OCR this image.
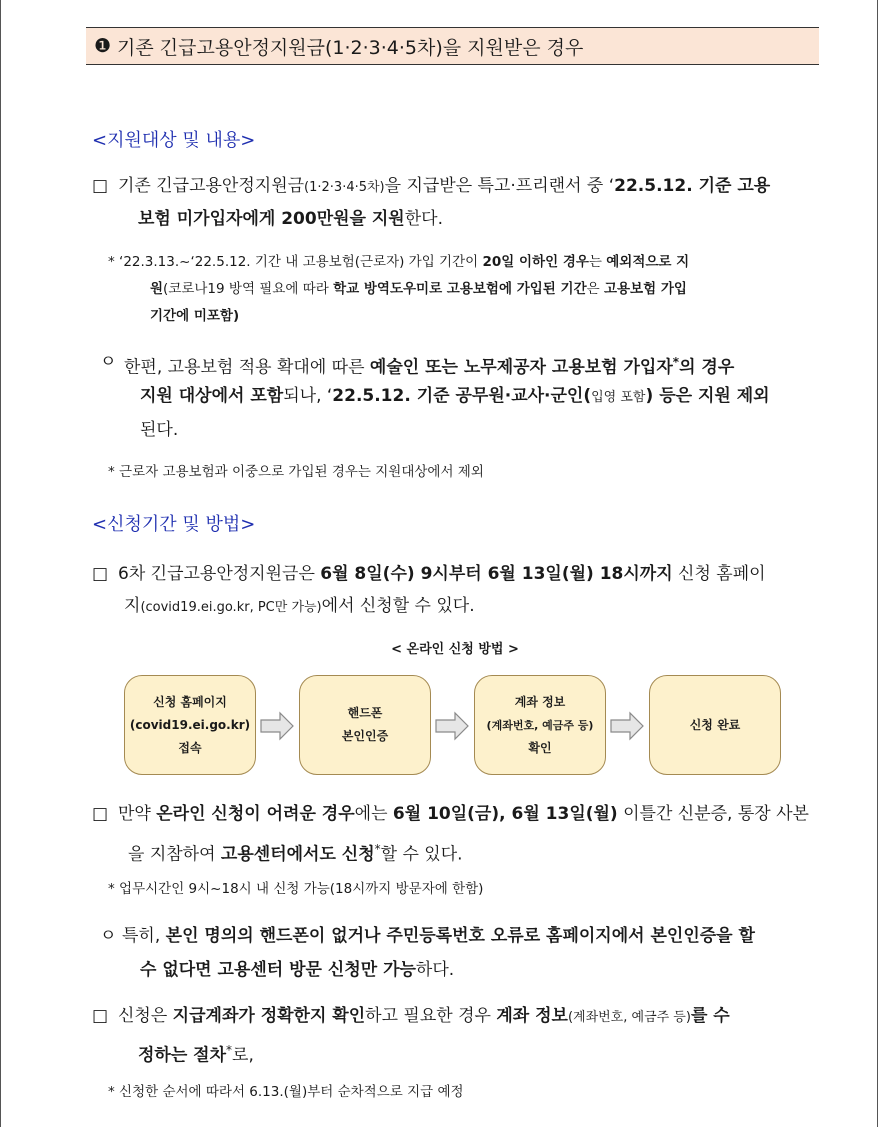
❶ 기존 긴급고용안정지원금(1·2·3·4·5차)을 지원받은 경우
<지원대상 및 내용>
□ 기존 긴급고용안정지원금(1·2·3·4·5차)을 지급받은 특고·프리랜서 중 ‘22.5.12. 기준 고용
보험 미가입자에게 200만원을 지원한다.
* ‘22.3.13.~‘22.5.12. 기간 내 고용보험(근로자) 가입 기간이 20일 이하인 경우는 예외적으로 지
원(코로나19 방역 필요에 따라 학교 방역도우미로 고용보험에 가입된 기간은 고용보험 가입
기간에 미포함)
ㅇ 한편, 고용보험 적용 확대에 따른 예술인 또는 노무제공자 고용보험 가입자*의 경우
지원 대상에서 포함되나, ‘22.5.12. 기준 공무원·교사·군인(입영 포함) 등은 지원 제외
된다.
* 근로자 고용보험과 이중으로 가입된 경우는 지원대상에서 제외
<신청기간 및 방법>
□ 6차 긴급고용안정지원금은 6월 8일(수) 9시부터 6월 13일(월) 18시까지 신청 홈페이
지(covid19.ei.go.kr, PC만 가능)에서 신청할 수 있다.
< 온라인 신청 방법 >
신청 홈페이지
(covid19.ei.go.kr)
접속
핸드폰
본인인증
계좌 정보
(계좌번호, 예금주 등)
확인
신청 완료
□ 만약 온라인 신청이 어려운 경우에는 6월 10일(금), 6월 13일(월) 이틀간 신분증, 통장 사본
을 지참하여 고용센터에서도 신청*할 수 있다.
* 업무시간인 9시~18시 내 신청 가능(18시까지 방문자에 한함)
ㅇ 특히, 본인 명의의 핸드폰이 없거나 주민등록번호 오류로 홈페이지에서 본인인증을 할
수 없다면 고용센터 방문 신청만 가능하다.
□ 신청은 지급계좌가 정확한지 확인하고 필요한 경우 계좌 정보(계좌번호, 예금주 등)를 수
정하는 절차*로,
* 신청한 순서에 따라서 6.13.(월)부터 순차적으로 지급 예정
